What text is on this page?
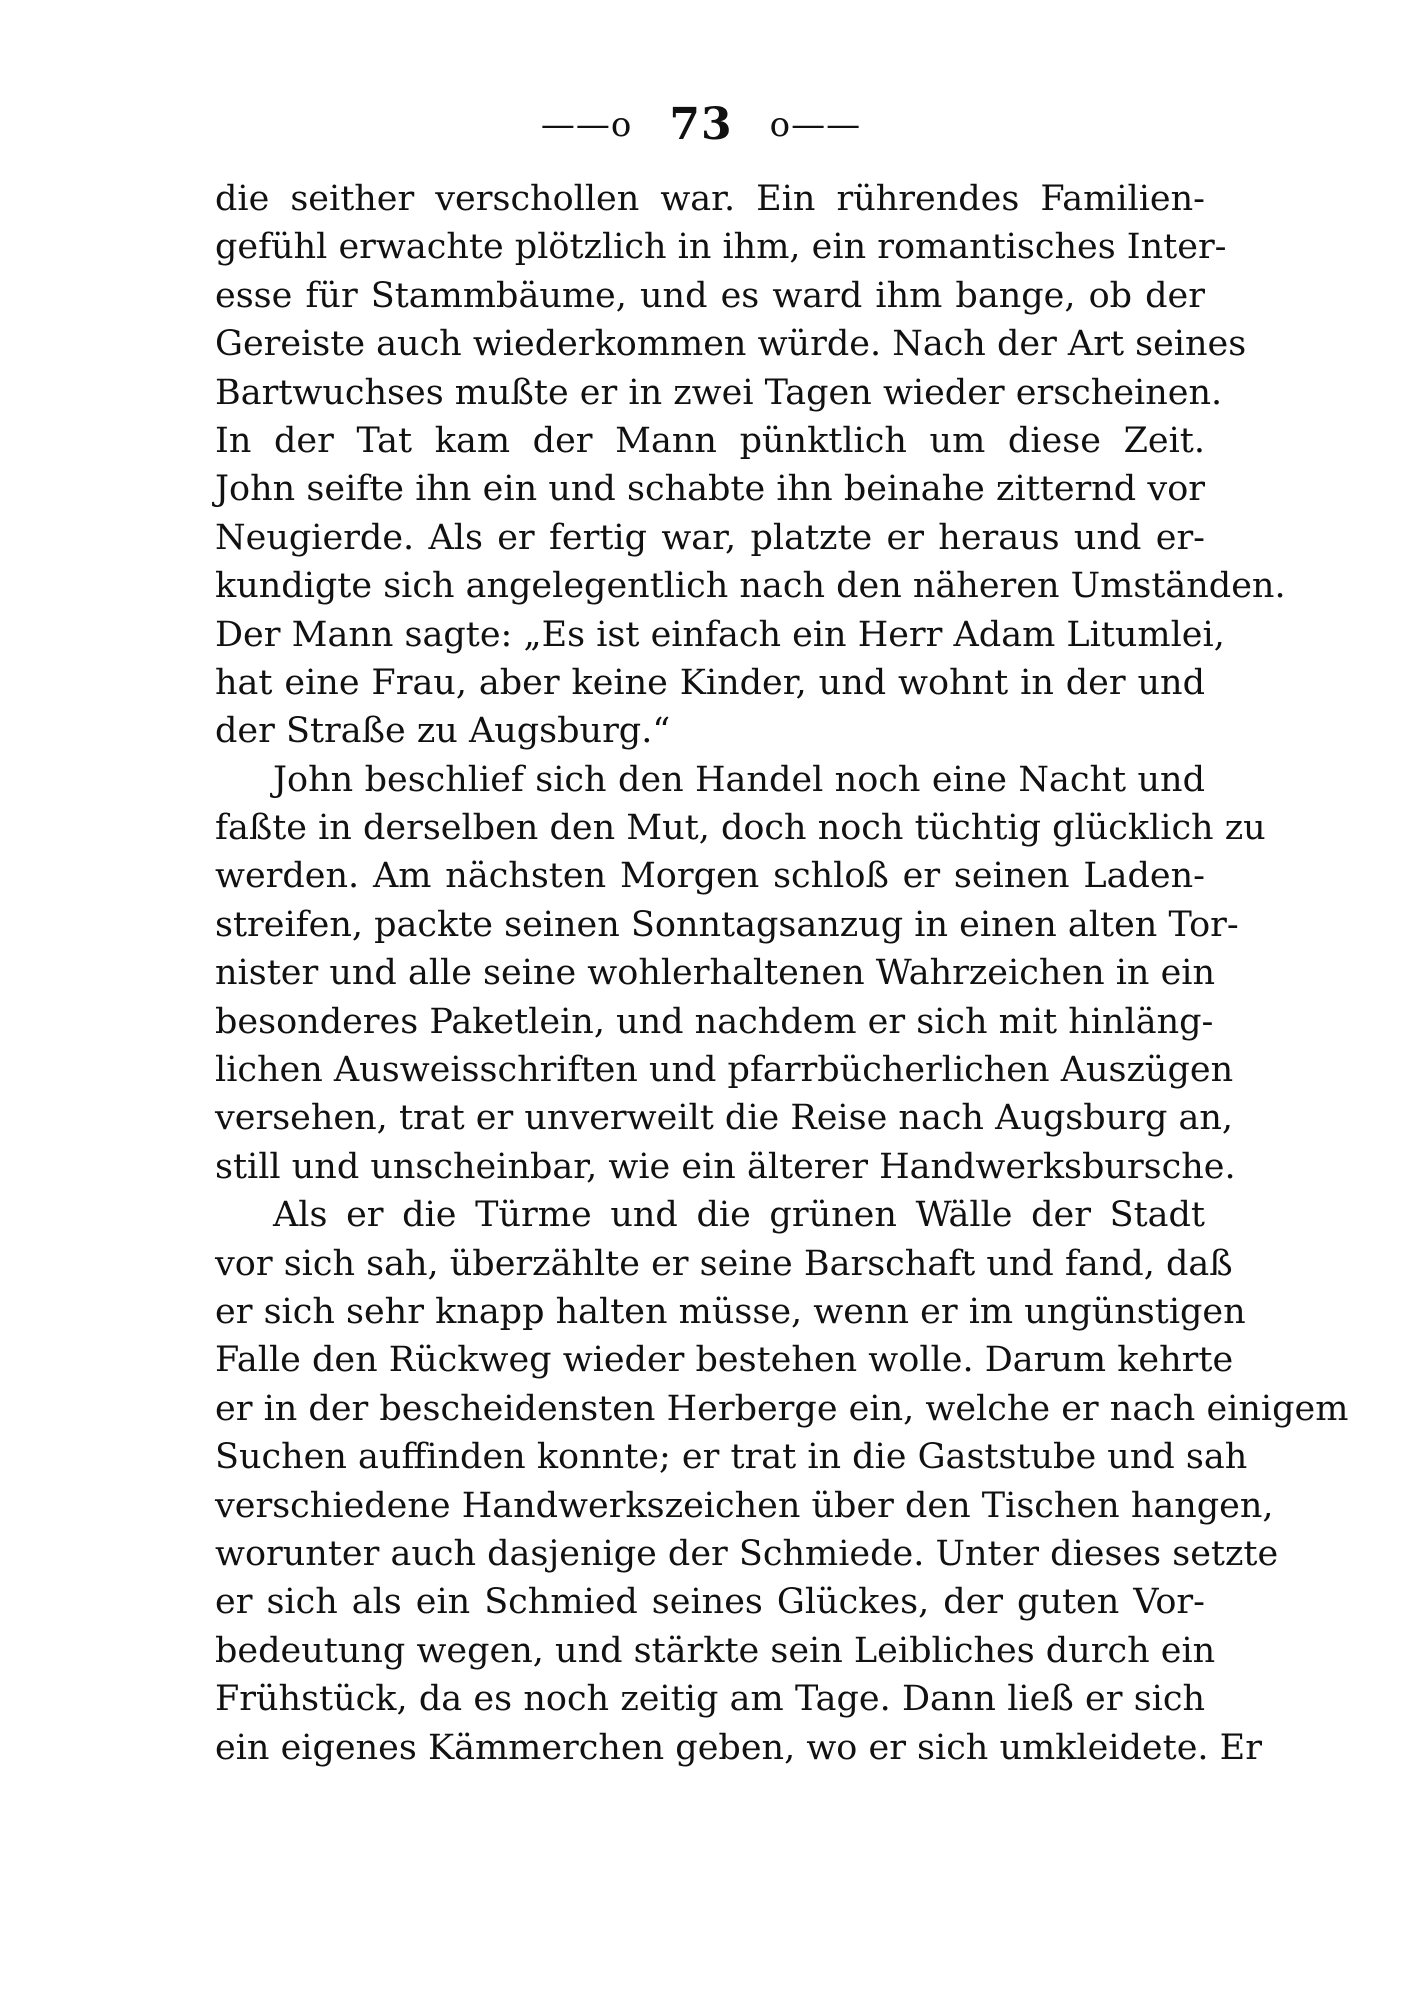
——o 73 o——
die seither verschollen war. Ein rührendes Familien-
gefühl erwachte plötzlich in ihm, ein romantisches Inter-
esse für Stammbäume, und es ward ihm bange, ob der
Gereiste auch wiederkommen würde. Nach der Art seines
Bartwuchses mußte er in zwei Tagen wieder erscheinen.
In der Tat kam der Mann pünktlich um diese Zeit.
John seifte ihn ein und schabte ihn beinahe zitternd vor
Neugierde. Als er fertig war, platzte er heraus und er-
kundigte sich angelegentlich nach den näheren Umständen.
Der Mann sagte: „Es ist einfach ein Herr Adam Litumlei,
hat eine Frau, aber keine Kinder, und wohnt in der und
der Straße zu Augsburg.“
John beschlief sich den Handel noch eine Nacht und
faßte in derselben den Mut, doch noch tüchtig glücklich zu
werden. Am nächsten Morgen schloß er seinen Laden-
streifen, packte seinen Sonntagsanzug in einen alten Tor-
nister und alle seine wohlerhaltenen Wahrzeichen in ein
besonderes Paketlein, und nachdem er sich mit hinläng-
lichen Ausweisschriften und pfarrbücherlichen Auszügen
versehen, trat er unverweilt die Reise nach Augsburg an,
still und unscheinbar, wie ein älterer Handwerksbursche.
Als er die Türme und die grünen Wälle der Stadt
vor sich sah, überzählte er seine Barschaft und fand, daß
er sich sehr knapp halten müsse, wenn er im ungünstigen
Falle den Rückweg wieder bestehen wolle. Darum kehrte
er in der bescheidensten Herberge ein, welche er nach einigem
Suchen auffinden konnte; er trat in die Gaststube und sah
verschiedene Handwerkszeichen über den Tischen hangen,
worunter auch dasjenige der Schmiede. Unter dieses setzte
er sich als ein Schmied seines Glückes, der guten Vor-
bedeutung wegen, und stärkte sein Leibliches durch ein
Frühstück, da es noch zeitig am Tage. Dann ließ er sich
ein eigenes Kämmerchen geben, wo er sich umkleidete. Er
